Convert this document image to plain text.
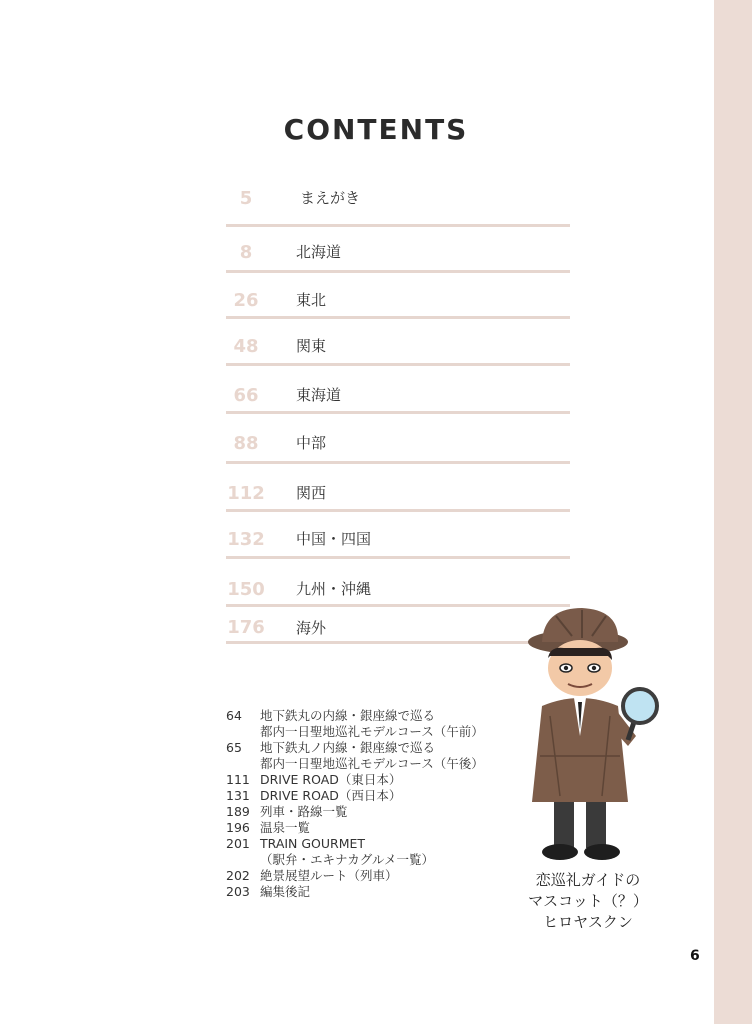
CONTENTS
5	まえがき
8	北海道
26	東北
48	関東
66	東海道
88	中部
112 関西
132 中国・四国
150 九州・沖縄
176 海外
64 地下鉄丸の内線・銀座線で巡る
都内一日聖地巡礼モデルコース（午前）
65 地下鉄丸ノ内線・銀座線で巡る
都内一日聖地巡礼モデルコース（午後）
111 DRIVE ROAD（東日本）
131 DRIVE ROAD（西日本）
189 列車・路線一覧
196 温泉一覧
201 TRAIN GOURMET
（駅弁・エキナカグルメ一覧）
202 絶景展望ルート（列車）
203 編集後記
恋巡礼ガイドの
マスコット（？）
ヒロヤスクン
6
